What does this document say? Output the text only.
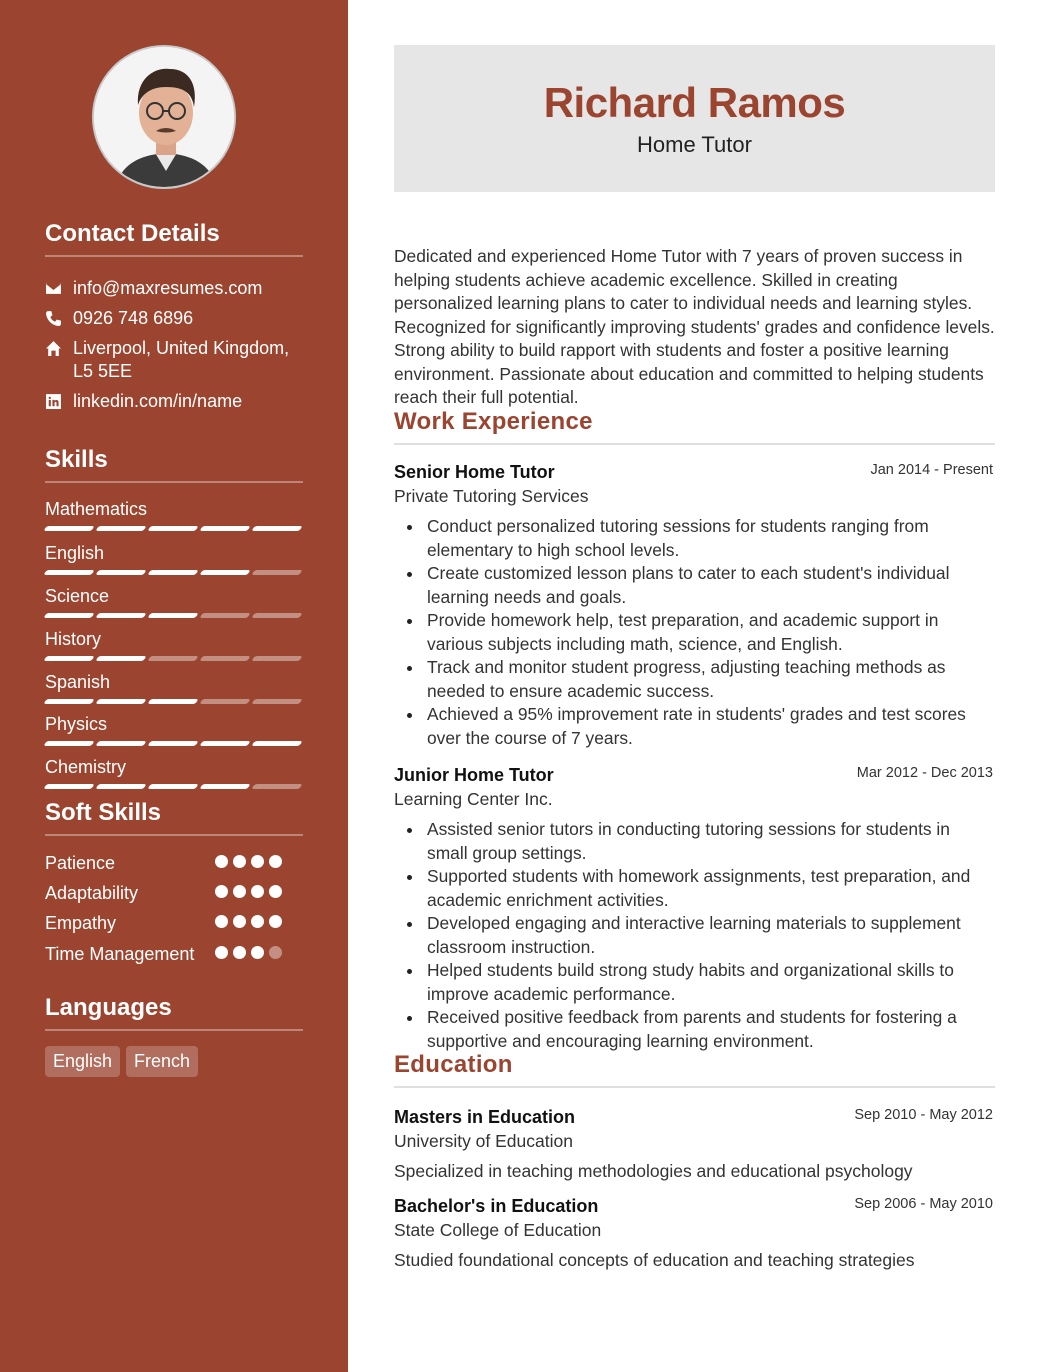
Contact Details
info@maxresumes.com
0926 748 6896
Liverpool, United Kingdom,
L5 5EE
linkedin.com/in/name
Skills
Mathematics
English
Science
History
Spanish
Physics
Chemistry
Soft Skills
Patience
Adaptability
Empathy
Time Management
Languages
English	French
Richard Ramos
Home Tutor

Dedicated and experienced Home Tutor with 7 years of proven success in helping students achieve academic excellence. Skilled in creating personalized learning plans to cater to individual needs and learning styles. Recognized for significantly improving students' grades and confidence levels. Strong ability to build rapport with students and foster a positive learning environment. Passionate about education and committed to helping students reach their full potential.

Work Experience
Senior Home Tutor	Jan 2014 - Present
Private Tutoring Services
Conduct personalized tutoring sessions for students ranging from elementary to high school levels.
Create customized lesson plans to cater to each student's individual learning needs and goals.
Provide homework help, test preparation, and academic support in various subjects including math, science, and English.
Track and monitor student progress, adjusting teaching methods as needed to ensure academic success.
Achieved a 95% improvement rate in students' grades and test scores over the course of 7 years.
Junior Home Tutor	Mar 2012 - Dec 2013
Learning Center Inc.
Assisted senior tutors in conducting tutoring sessions for students in small group settings.
Supported students with homework assignments, test preparation, and academic enrichment activities.
Developed engaging and interactive learning materials to supplement classroom instruction.
Helped students build strong study habits and organizational skills to improve academic performance.
Received positive feedback from parents and students for fostering a supportive and encouraging learning environment.
Education
Masters in Education	Sep 2010 - May 2012
University of Education
Specialized in teaching methodologies and educational psychology
Bachelor's in Education	Sep 2006 - May 2010
State College of Education
Studied foundational concepts of education and teaching strategies
